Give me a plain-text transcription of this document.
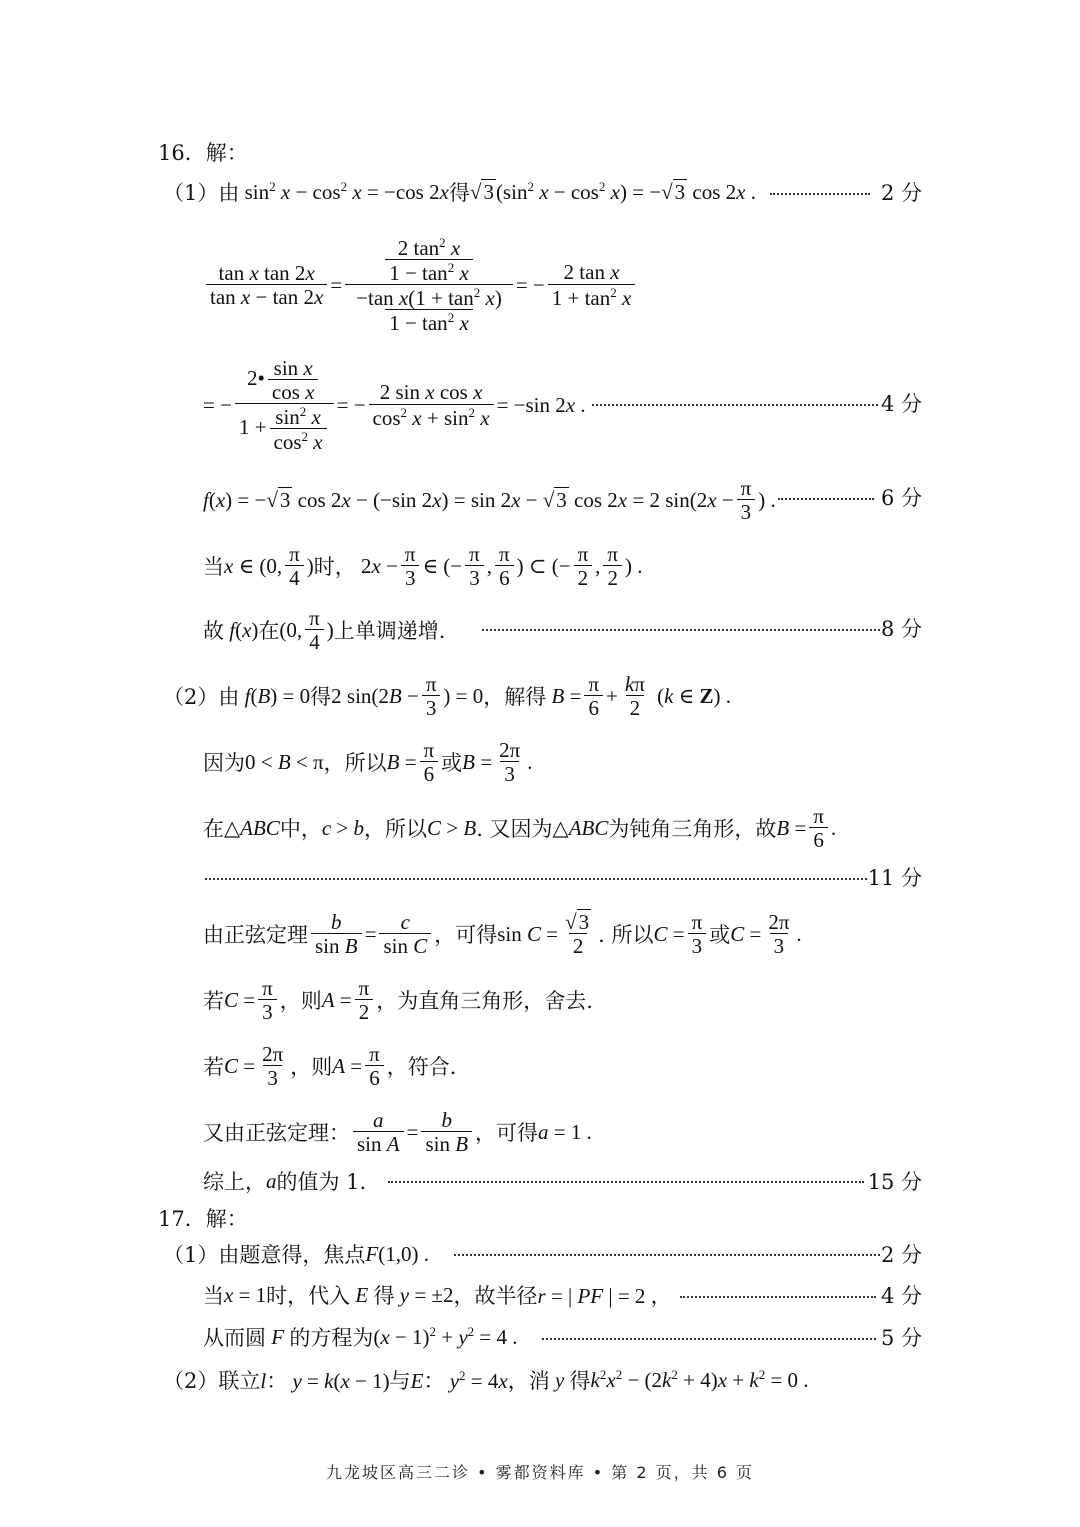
16．解：
（1）由 $\sin^2 x - \cos^2 x = -\cos$ 2 x 得 $√3(\sin^2$ $x - \cos^2 x$ ) = −√3 cos 2 x .	2 分
$\frac{\text{tan x tan 2x}}{\text{tan x − tan 2x}} = \frac{\frac{2 \tan^2 x}{1 - \tan^2 x}}{\frac{-\tan x(1 + \tan^2 x)}{1 - \tan^2 x}}$ = − $\frac{\text{2 tan x}}{1 + \tan^2 x}$
= − $\frac{2• \frac{\text{sin x}}{\text{cos x}}}{1 + \frac{\sin^2 x}{\cos^2 x}}$ = − $\frac{\text{2 sin x cos x}}{\cos^2 x + \sin^2 x} = -\sin$ 2x .	4 分
f (x) = −√3 cos 2x − (−sin 2x) = sin 2x − √3 cos 2x = 2 $\sin(2x - \frac{\pi}{3}$ ) .	6 分
当 x ∈ (0, π
4
) 时， $2x - \frac{\pi}{3}$ ∈ (− $\frac{\pi}{3}$ , π
6
) ⊂ (− $\frac{\pi}{2}$ , π
2
) .
故 f (x) 在 (0, π
4
) 上单调递增.	8 分
（2）由 f (B) = 0 得 2 $\sin(2B - \frac{\pi}{3}$ ) = 0 ，解得 $B = \frac{\pi}{6} + \frac{k\pi}{2} (k$ ∈ Z) .
因为 0 < B < π ，所以 $B = \frac{\pi}{6}$ 或 $B = \frac{2\pi}{3}$ .
在 △ABC 中， c > b ，所以 C > B . 又因为 △ABC 为钝角三角形，故 $B = \frac{\pi}{6}$ .
11 分
由正弦定理 $\frac{b}{\text{sin B}} = \frac{c}{\text{sin C}}$ ，可得 $\sin C = \frac{√3}{2}$ . 所以 $C = \frac{\pi}{3}$ 或 $C = \frac{2\pi}{3}$ .
若 $C = \frac{\pi}{3}$ ，则 $A = \frac{\pi}{2}$ ，为直角三角形，舍去.
若 $C = \frac{2\pi}{3}$ ，则 $A = \frac{\pi}{6}$ ，符合.
又由正弦定理： $\frac{a}{\text{sin A}} = \frac{b}{\text{sin B}}$ ，可得 a = 1 .
综上， a 的值为 1.	15 分
17．解：
（1）由题意得，焦点 F(1,0) .	2 分
当 x = 1 时，代入 E 得 y = ±2 ，故半径 r = | PF | = 2 ，	4 分
从而圆 F 的方程为 $(x - 1)^2 + y^2 = 4$ .	5 分
（2）联立 l： y = k(x − 1) 与 E： $y^2 = 4x$ ，消 y 得 $k^2x^2 - (2k^2 + 4)x + k^2 = 0$ .
九龙坡区高三二诊 • 雾都资料库 • 第 2 页，共 6 页
